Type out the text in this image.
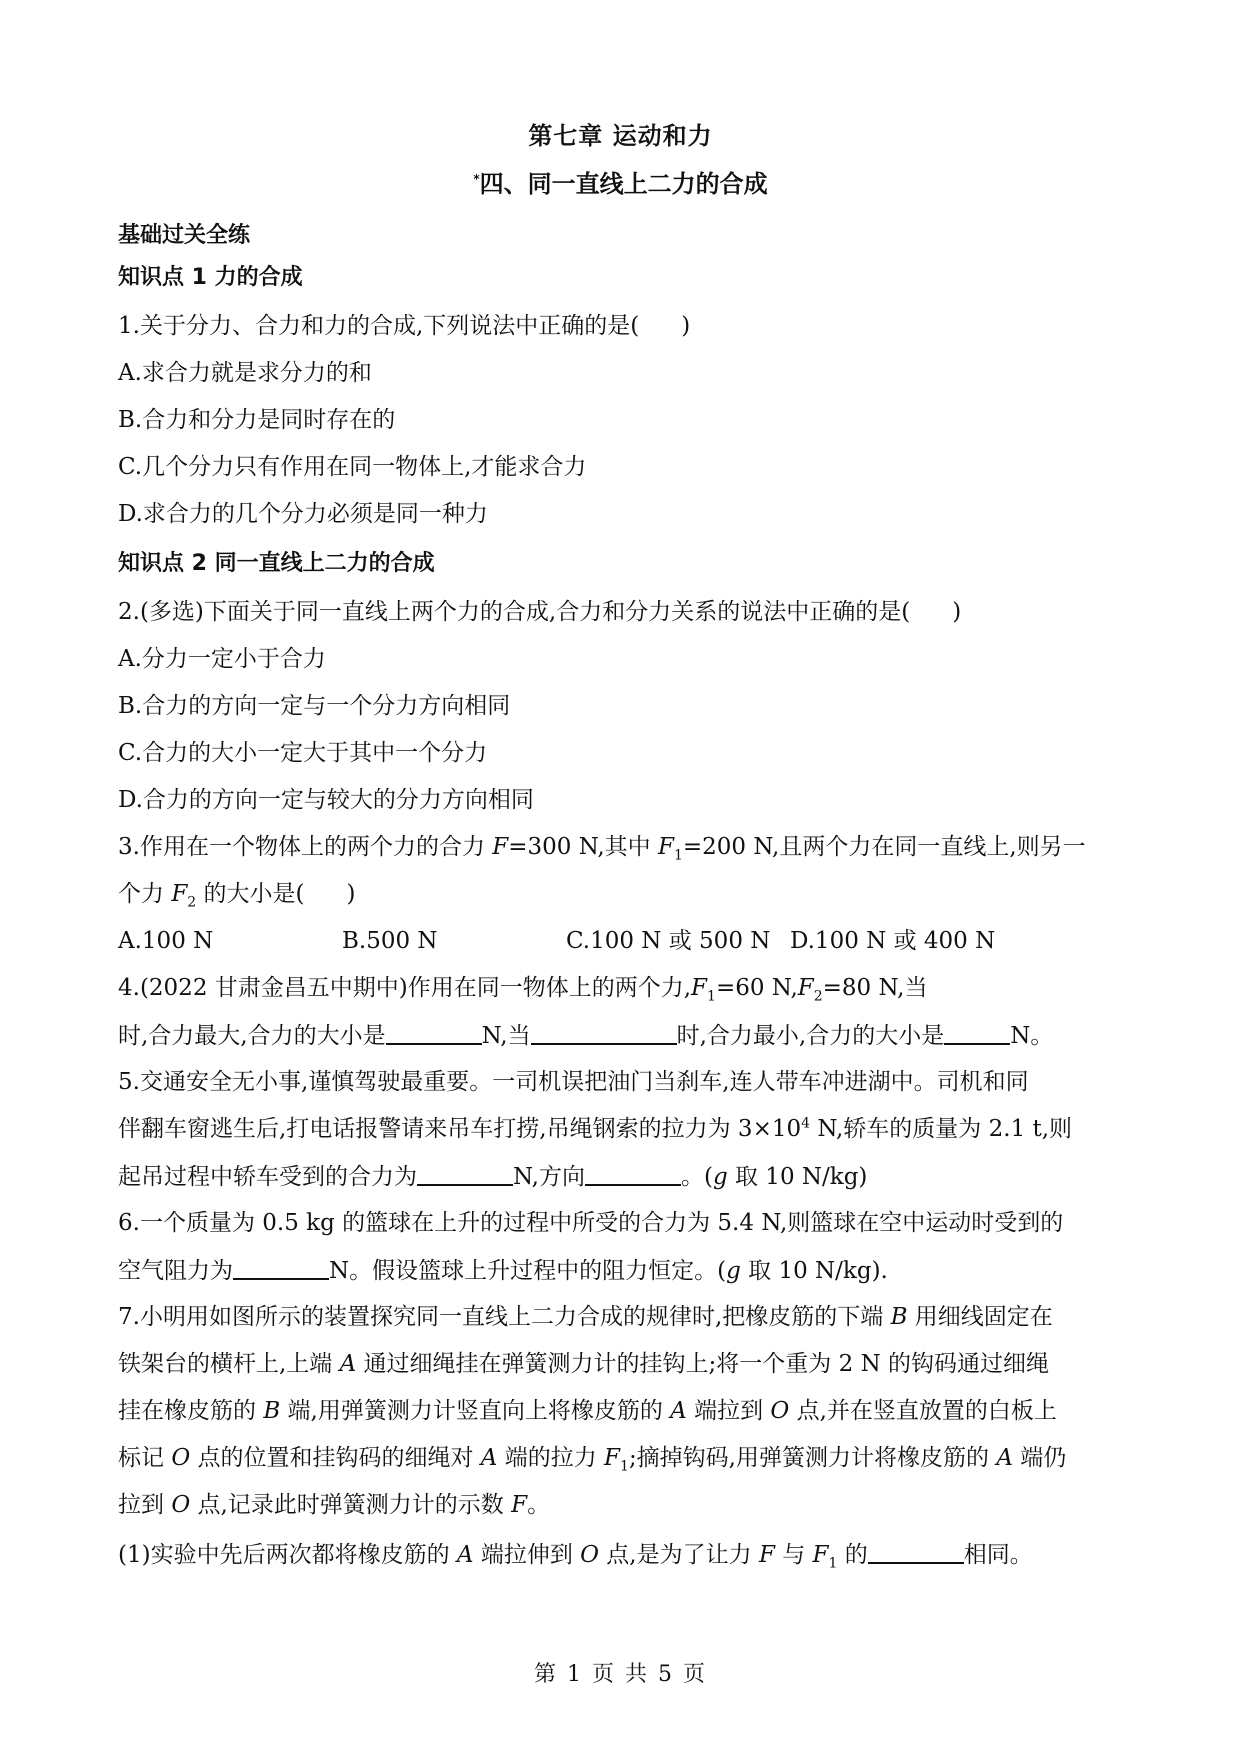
第七章 运动和力
*四、同一直线上二力的合成
基础过关全练
知识点 1 力的合成
1.关于分力、合力和力的合成,下列说法中正确的是( )
A.求合力就是求分力的和
B.合力和分力是同时存在的
C.几个分力只有作用在同一物体上,才能求合力
D.求合力的几个分力必须是同一种力
知识点 2 同一直线上二力的合成
2.(多选)下面关于同一直线上两个力的合成,合力和分力关系的说法中正确的是( )
A.分力一定小于合力
B.合力的方向一定与一个分力方向相同
C.合力的大小一定大于其中一个分力
D.合力的方向一定与较大的分力方向相同
3.作用在一个物体上的两个力的合力 F=300 N,其中 $F_1=200$ N,且两个力在同一直线上,则另一
个力 $F_2$ 的大小是( )
A.100 N	B.500 N	C.100 N 或 500 N D.100 N 或 400 N
4.(2022 甘肃金昌五中期中)作用在同一物体上的两个力$,F_1=60$ $N,F_2=80$ N,当
时,合力最大,合力的大小是	N,当	时,合力最小,合力的大小是	N。
5.交通安全无小事,谨慎驾驶最重要。一司机误把油门当刹车,连人带车冲进湖中。司机和同
伴翻车窗逃生后,打电话报警请来吊车打捞,吊绳钢索的拉力为 $3\times 10^4$ N,轿车的质量为 2.1 t,则
起吊过程中轿车受到的合力为	N,方向	。(g 取 10 N/kg)
6.一个质量为 0.5 kg 的篮球在上升的过程中所受的合力为 5.4 N,则篮球在空中运动时受到的
空气阻力为	N。假设篮球上升过程中的阻力恒定。(g 取 10 N/kg).
7.小明用如图所示的装置探究同一直线上二力合成的规律时,把橡皮筋的下端 B 用细线固定在
铁架台的横杆上,上端 A 通过细绳挂在弹簧测力计的挂钩上;将一个重为 2 N 的钩码通过细绳
挂在橡皮筋的 B 端,用弹簧测力计竖直向上将橡皮筋的 A 端拉到 O 点,并在竖直放置的白板上
标记 O 点的位置和挂钩码的细绳对 A 端的拉力 $F_1$;摘掉钩码,用弹簧测力计将橡皮筋的 A 端仍
拉到 O 点,记录此时弹簧测力计的示数 F。
(1)实验中先后两次都将橡皮筋的 A 端拉伸到 O 点,是为了让力 F 与 $F_1$ 的	相同。
第 1 页 共 5 页
